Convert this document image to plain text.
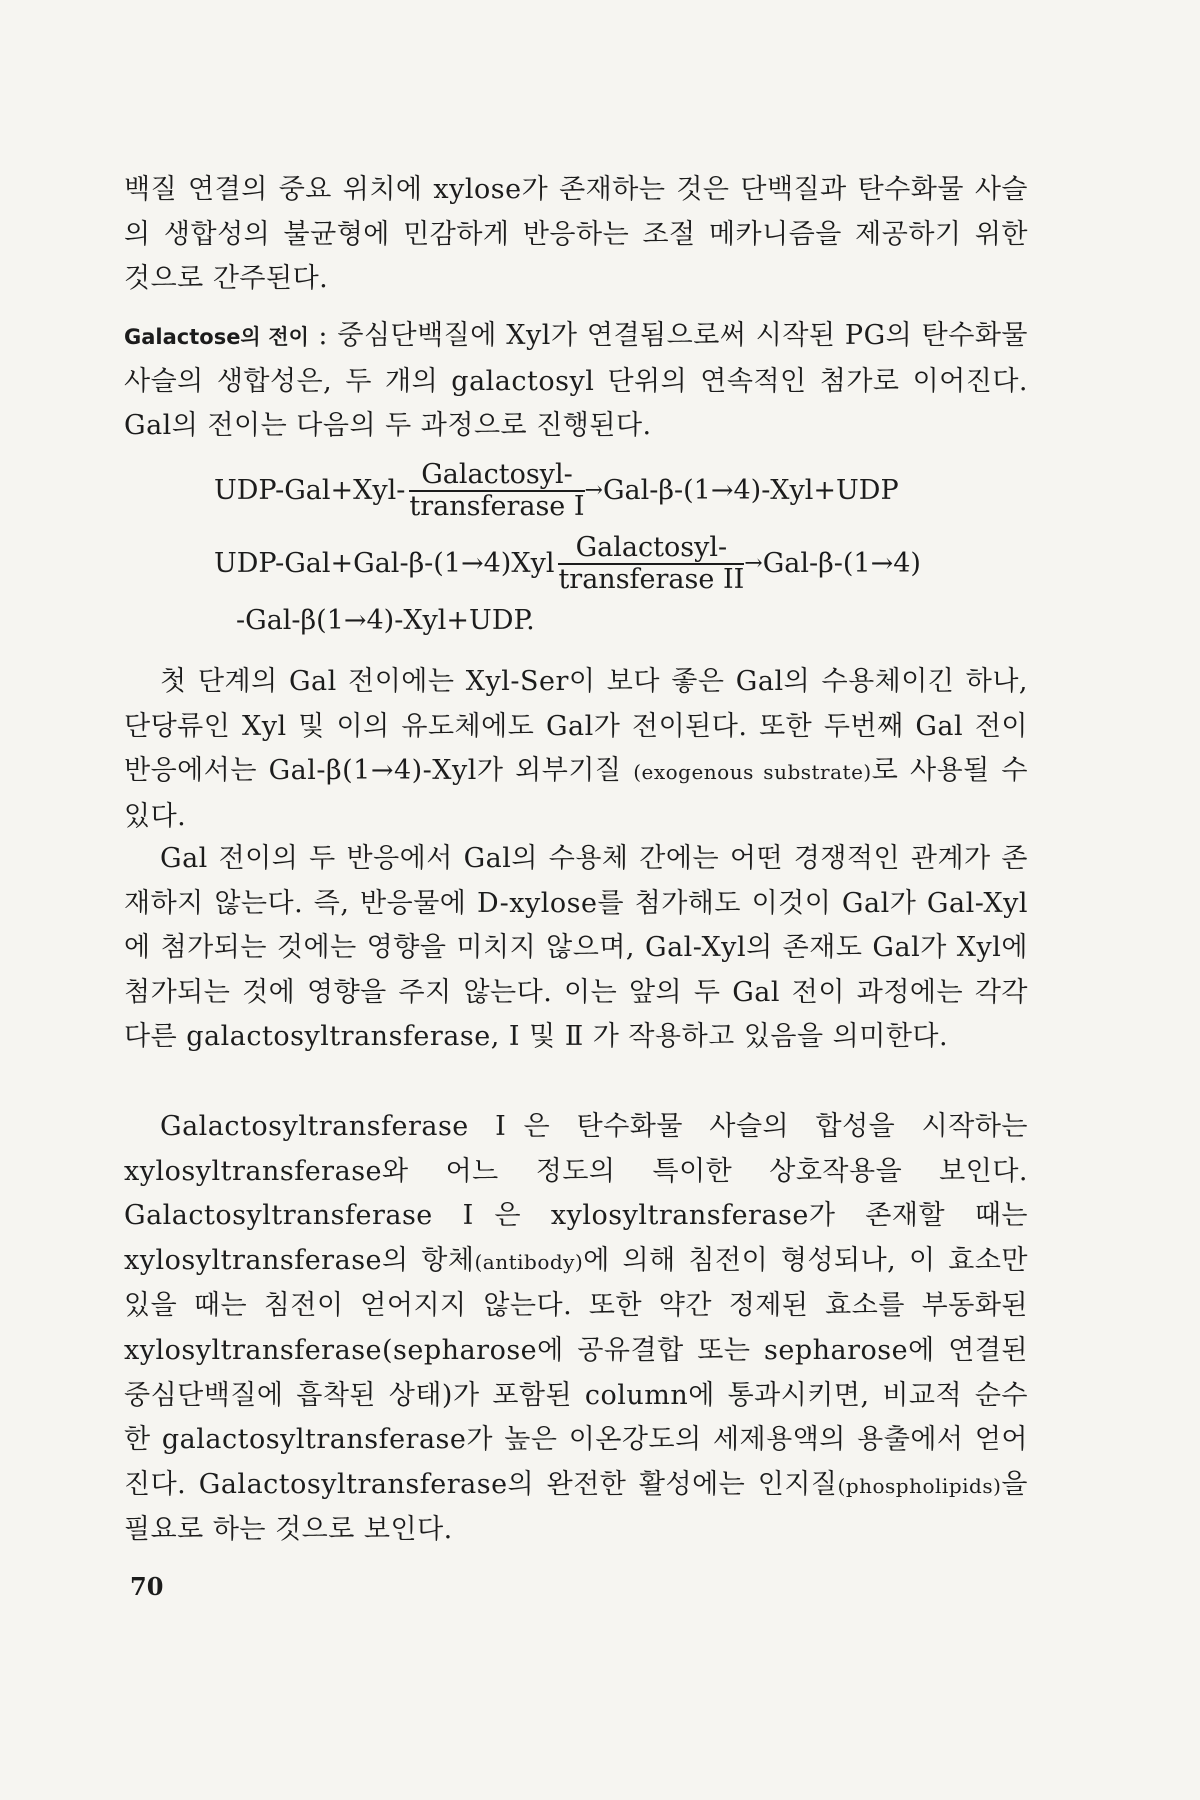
백질 연결의 중요 위치에 xylose가 존재하는 것은 단백질과 탄수화물 사슬의 생합성의 불균형에 민감하게 반응하는 조절 메카니즘을 제공하기 위한 것으로 간주된다.

Galactose의 전이 : 중심단백질에 Xyl가 연결됨으로써 시작된 PG의 탄수화물 사슬의 생합성은, 두 개의 galactosyl 단위의 연속적인 첨가로 이어진다. Gal의 전이는 다음의 두 과정으로 진행된다.

UDP-Gal+Xyl-
Galactosyl-
transferase I → Gal-β-(1→4)-Xyl+UDP
UDP-Gal+Gal-β-(1→4)Xyl
Galactosyl-
transferase II → Gal-β-(1→4)
-Gal-β(1→4)-Xyl+UDP.

첫 단계의 Gal 전이에는 Xyl-Ser이 보다 좋은 Gal의 수용체이긴 하나, 단당류인 Xyl 및 이의 유도체에도 Gal가 전이된다. 또한 두번째 Gal 전이 반응에서는 Gal-β(1→4)-Xyl가 외부기질 (exogenous substrate)로 사용될 수 있다.

Gal 전이의 두 반응에서 Gal의 수용체 간에는 어떤 경쟁적인 관계가 존재하지 않는다. 즉, 반응물에 D-xylose를 첨가해도 이것이 Gal가 Gal-Xyl에 첨가되는 것에는 영향을 미치지 않으며, Gal-Xyl의 존재도 Gal가 Xyl에 첨가되는 것에 영향을 주지 않는다. 이는 앞의 두 Gal 전이 과정에는 각각 다른 galactosyltransferase, Ⅰ 및 Ⅱ 가 작용하고 있음을 의미한다.

Galactosyltransferase Ⅰ은 탄수화물 사슬의 합성을 시작하는 xylosyltransferase와 어느 정도의 특이한 상호작용을 보인다. Galactosyltransferase Ⅰ은 xylosyltransferase가 존재할 때는 xylosyltransferase의 항체(antibody)에 의해 침전이 형성되나, 이 효소만 있을 때는 침전이 얻어지지 않는다. 또한 약간 정제된 효소를 부동화된 xylosyltransferase(sepharose에 공유결합 또는 sepharose에 연결된 중심단백질에 흡착된 상태)가 포함된 column에 통과시키면, 비교적 순수한 galactosyltransferase가 높은 이온강도의 세제용액의 용출에서 얻어진다. Galactosyltransferase의 완전한 활성에는 인지질(phospholipids)을 필요로 하는 것으로 보인다.

70
